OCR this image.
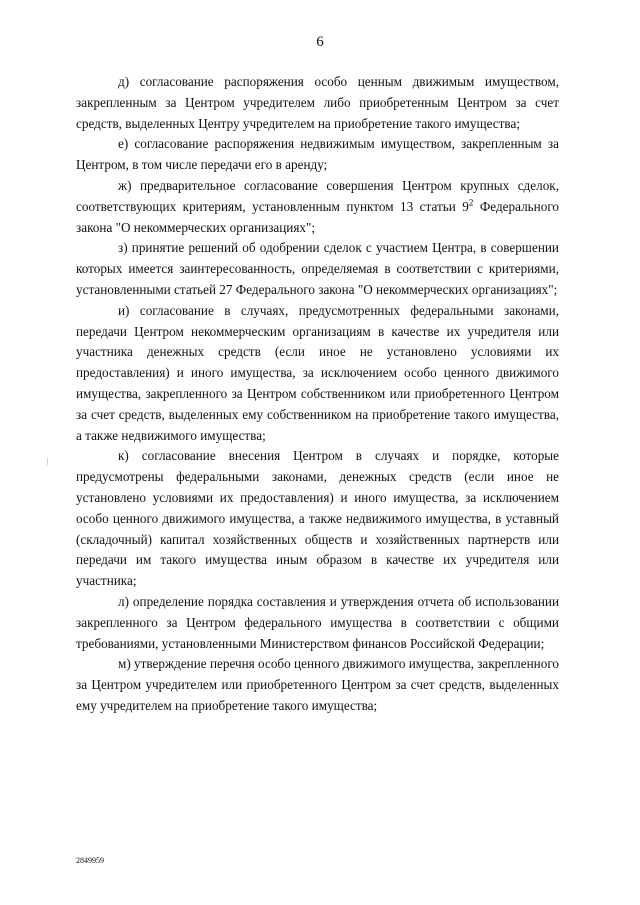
6

д) согласование распоряжения особо ценным движимым имуществом, закрепленным за Центром учредителем либо приобретенным Центром за счет средств, выделенных Центру учредителем на приобретение такого имущества;

е) согласование распоряжения недвижимым имуществом, закрепленным за Центром, в том числе передачи его в аренду;

ж) предварительное согласование совершения Центром крупных сделок, соответствующих критериям, установленным пунктом 13 статьи $9^2$ Федерального закона "О некоммерческих организациях";

з) принятие решений об одобрении сделок с участием Центра, в совершении которых имеется заинтересованность, определяемая в соответствии с критериями, установленными статьей 27 Федерального закона "О некоммерческих организациях";

и) согласование в случаях, предусмотренных федеральными законами, передачи Центром некоммерческим организациям в качестве их учредителя или участника денежных средств (если иное не установлено условиями их предоставления) и иного имущества, за исключением особо ценного движимого имущества, закрепленного за Центром собственником или приобретенного Центром за счет средств, выделенных ему собственником на приобретение такого имущества, а также недвижимого имущества;

к) согласование внесения Центром в случаях и порядке, которые предусмотрены федеральными законами, денежных средств (если иное не установлено условиями их предоставления) и иного имущества, за исключением особо ценного движимого имущества, а также недвижимого имущества, в уставный (складочный) капитал хозяйственных обществ и хозяйственных партнерств или передачи им такого имущества иным образом в качестве их учредителя или участника;

л) определение порядка составления и утверждения отчета об использовании закрепленного за Центром федерального имущества в соответствии с общими требованиями, установленными Министерством финансов Российской Федерации;

м) утверждение перечня особо ценного движимого имущества, закрепленного за Центром учредителем или приобретенного Центром за счет средств, выделенных ему учредителем на приобретение такого имущества;

2849959
